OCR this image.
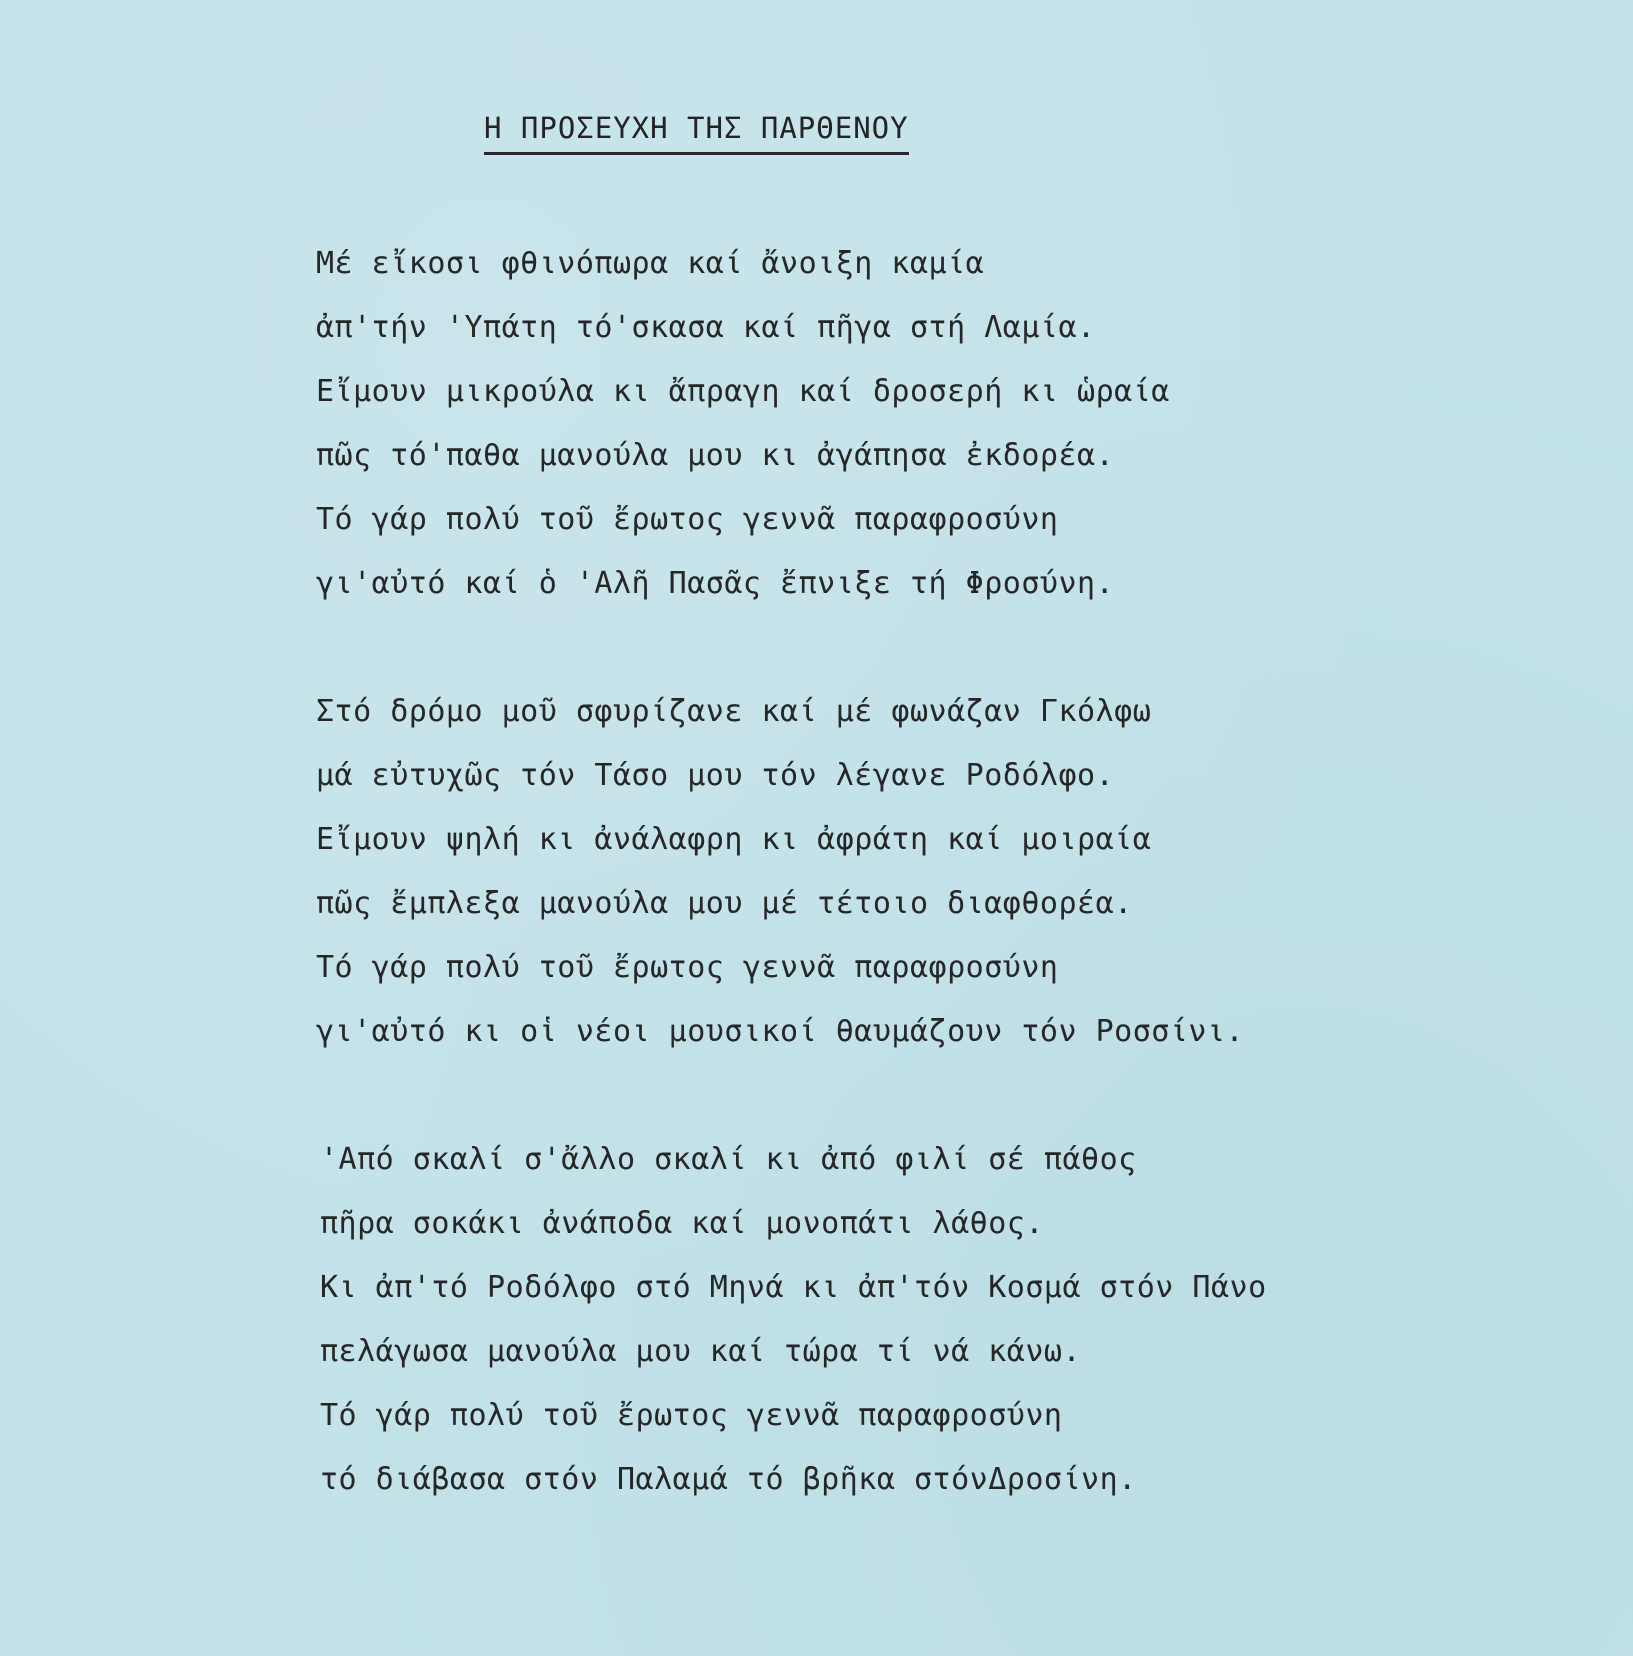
Η ΠΡΟΣΕΥΧΗ ΤΗΣ ΠΑΡΘΕΝΟΥ
Μέ εἴκοσι φθινόπωρα καί ἄνοιξη καμία
ἀπ'τήν 'Υπάτη τό'σκασα καί πῆγα στή Λαμία.
Εἴμουν μικρούλα κι ἄπραγη καί δροσερή κι ὡραία
πῶς τό'παθα μανούλα μου κι ἀγάπησα ἐκδορέα.
Τό γάρ πολύ τοῦ ἔρωτος γεννᾶ παραφροσύνη
γι'αὐτό καί ὁ 'Αλῆ Πασᾶς ἔπνιξε τή Φροσύνη.
Στό δρόμο μοῦ σφυρίζανε καί μέ φωνάζαν Γκόλφω
μά εὐτυχῶς τόν Τάσο μου τόν λέγανε Ροδόλφο.
Εἴμουν ψηλή κι ἀνάλαφρη κι ἀφράτη καί μοιραία
πῶς ἔμπλεξα μανούλα μου μέ τέτοιο διαφθορέα.
Τό γάρ πολύ τοῦ ἔρωτος γεννᾶ παραφροσύνη
γι'αὐτό κι οἱ νέοι μουσικοί θαυμάζουν τόν Ροσσίνι.
'Από σκαλί σ'ἄλλο σκαλί κι ἀπό φιλί σέ πάθος
πῆρα σοκάκι ἀνάποδα καί μονοπάτι λάθος.
Κι ἀπ'τό Ροδόλφο στό Μηνά κι ἀπ'τόν Κοσμά στόν Πάνο
πελάγωσα μανούλα μου καί τώρα τί νά κάνω.
Τό γάρ πολύ τοῦ ἔρωτος γεννᾶ παραφροσύνη
τό διάβασα στόν Παλαμά τό βρῆκα στόνΔροσίνη.
